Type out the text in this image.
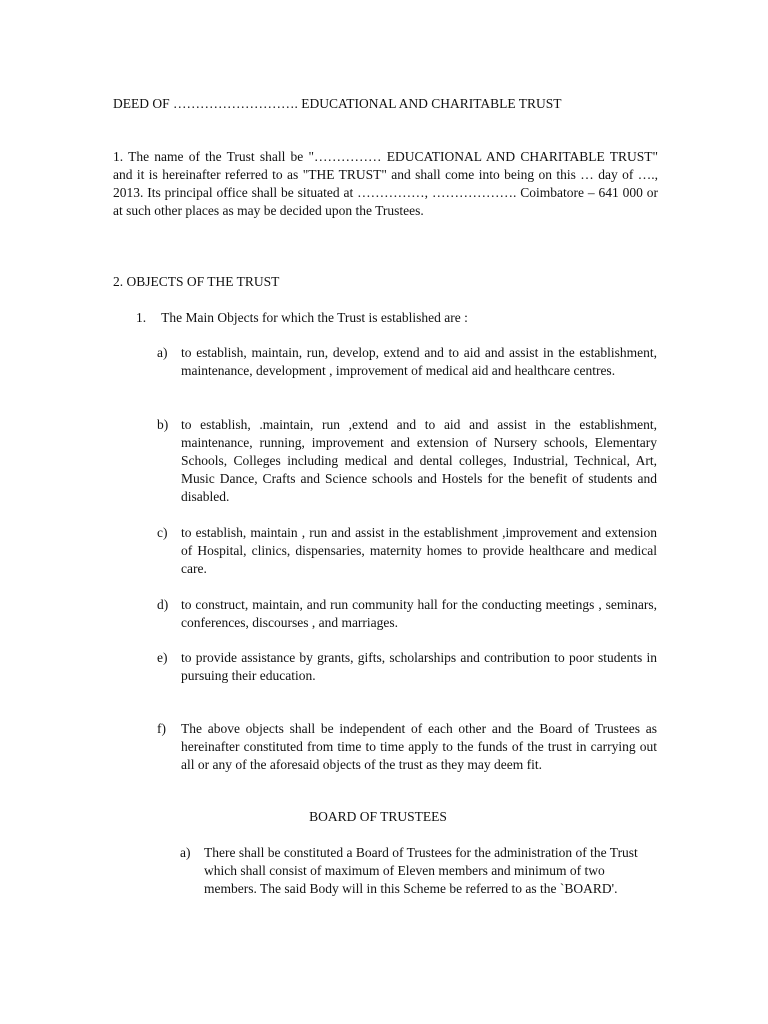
DEED OF ………………………. EDUCATIONAL AND CHARITABLE TRUST
1. The name of the Trust shall be "…………… EDUCATIONAL AND CHARITABLE TRUST" and it is hereinafter referred to as "THE TRUST" and shall come into being on this … day of …., 2013. Its principal office shall be situated at ……………, ………………. Coimbatore – 641 000 or at such other places as may be decided upon the Trustees.
2. OBJECTS OF THE TRUST
1. The Main Objects for which the Trust is established are :
a)	to establish, maintain, run, develop, extend and to aid and assist in the establishment, maintenance, development , improvement of medical aid and healthcare centres.
b) to establish, .maintain, run ,extend and to aid and assist in the establishment, maintenance, running, improvement and extension of Nursery schools, Elementary Schools, Colleges including medical and dental colleges, Industrial, Technical, Art, Music Dance, Crafts and Science schools and Hostels for the benefit of students and disabled.
c)	to establish, maintain , run and assist in the establishment ,improvement and extension of Hospital, clinics, dispensaries, maternity homes to provide healthcare and medical care.
d) to construct, maintain, and run community hall for the conducting meetings , seminars, conferences, discourses , and marriages.
e)	to provide assistance by grants, gifts, scholarships and contribution to poor students in pursuing their education.
f)	The above objects shall be independent of each other and the Board of Trustees as hereinafter constituted from time to time apply to the funds of the trust in carrying out all or any of the aforesaid objects of the trust as they may deem fit.
BOARD OF TRUSTEES
a)	There shall be constituted a Board of Trustees for the administration of the Trust which shall consist of maximum of Eleven members and minimum of two members. The said Body will in this Scheme be referred to as the `BOARD'.
